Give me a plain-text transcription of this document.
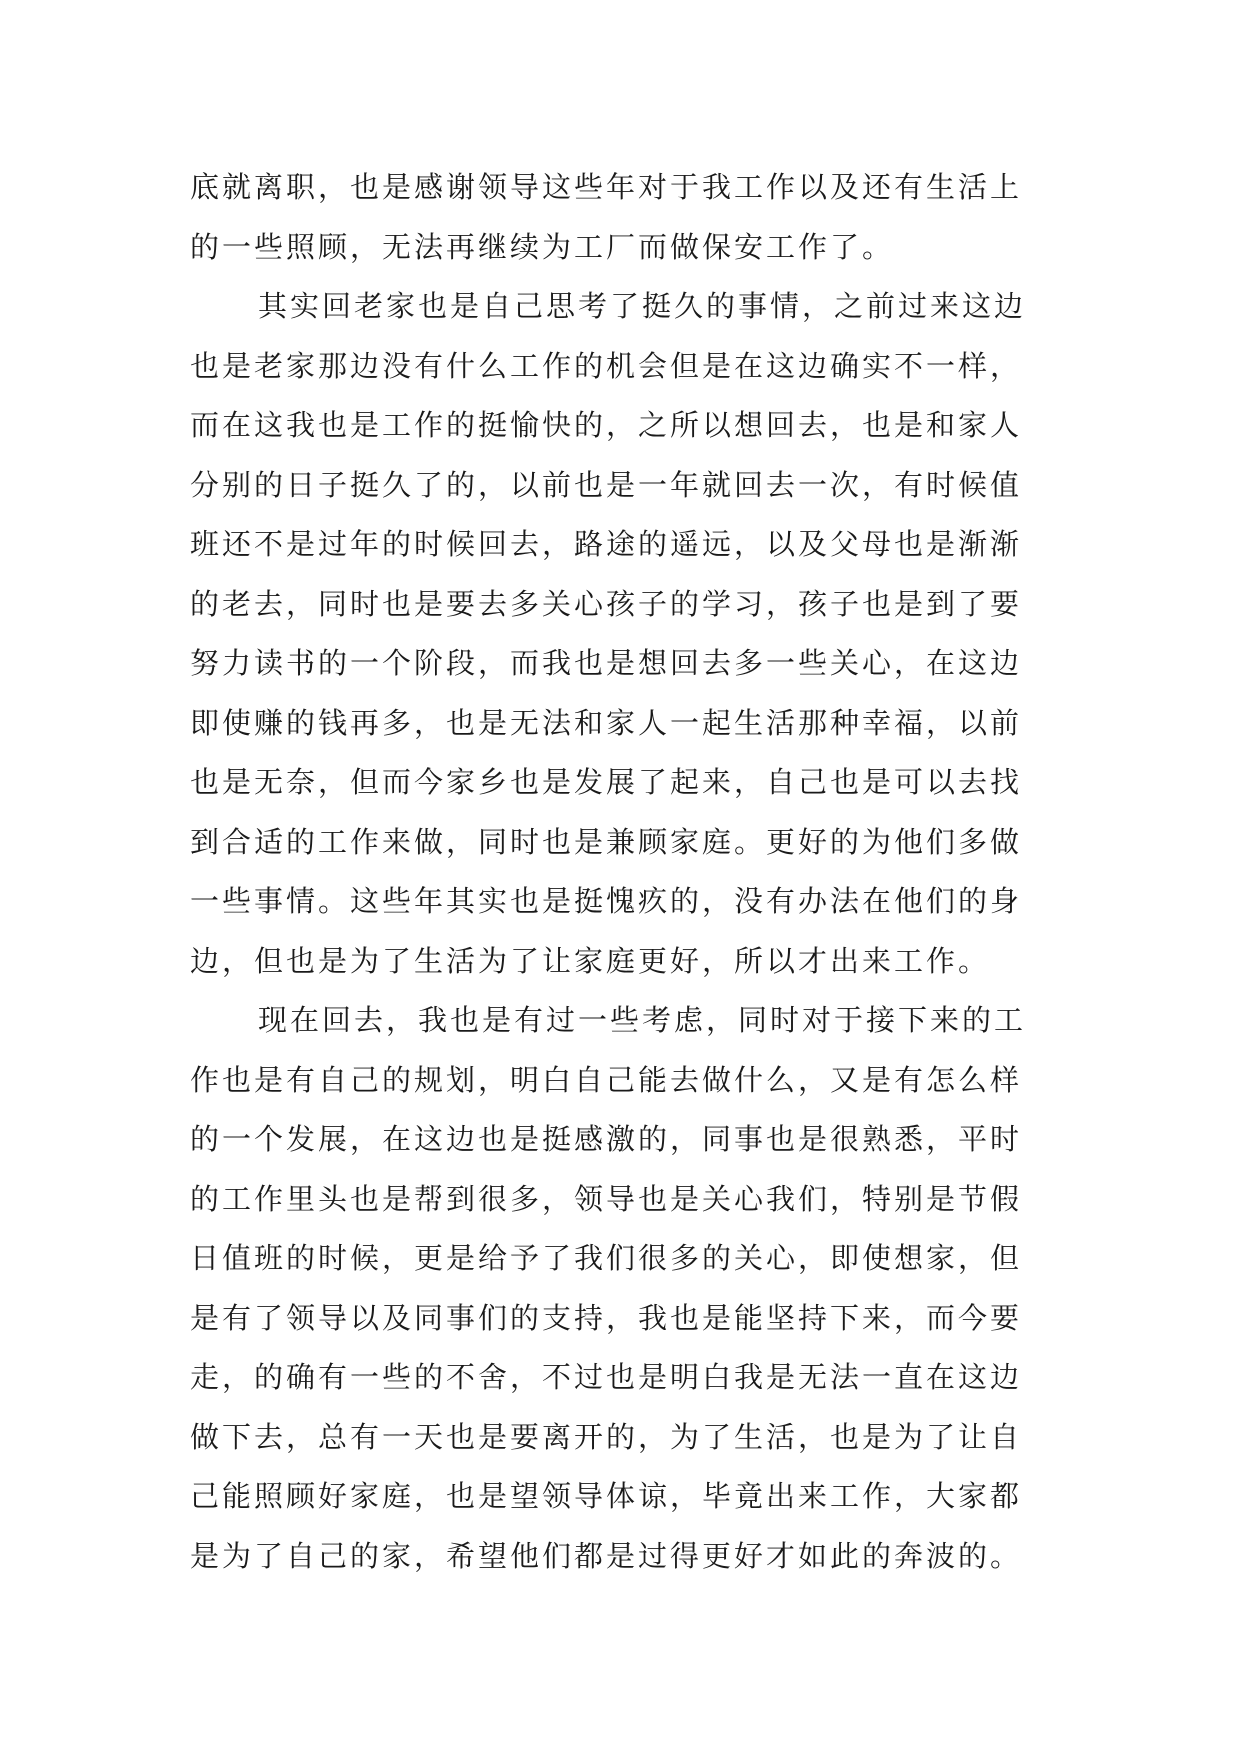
底就离职，也是感谢领导这些年对于我工作以及还有生活上
的一些照顾，无法再继续为工厂而做保安工作了。
其实回老家也是自己思考了挺久的事情，之前过来这边
也是老家那边没有什么工作的机会但是在这边确实不一样，
而在这我也是工作的挺愉快的，之所以想回去，也是和家人
分别的日子挺久了的，以前也是一年就回去一次，有时候值
班还不是过年的时候回去，路途的遥远，以及父母也是渐渐
的老去，同时也是要去多关心孩子的学习，孩子也是到了要
努力读书的一个阶段，而我也是想回去多一些关心，在这边
即使赚的钱再多，也是无法和家人一起生活那种幸福，以前
也是无奈，但而今家乡也是发展了起来，自己也是可以去找
到合适的工作来做，同时也是兼顾家庭。更好的为他们多做
一些事情。这些年其实也是挺愧疚的，没有办法在他们的身
边，但也是为了生活为了让家庭更好，所以才出来工作。
现在回去，我也是有过一些考虑，同时对于接下来的工
作也是有自己的规划，明白自己能去做什么，又是有怎么样
的一个发展，在这边也是挺感激的，同事也是很熟悉，平时
的工作里头也是帮到很多，领导也是关心我们，特别是节假
日值班的时候，更是给予了我们很多的关心，即使想家，但
是有了领导以及同事们的支持，我也是能坚持下来，而今要
走，的确有一些的不舍，不过也是明白我是无法一直在这边
做下去，总有一天也是要离开的，为了生活，也是为了让自
己能照顾好家庭，也是望领导体谅，毕竟出来工作，大家都
是为了自己的家，希望他们都是过得更好才如此的奔波的。
